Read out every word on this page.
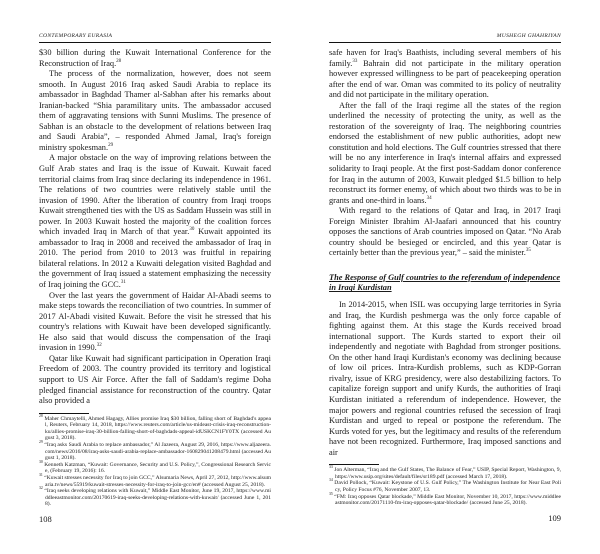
CONTEMPORARY EURASIA

$30 billion during the Kuwait International Conference for the Reconstruction of Iraq.$^{28}$

The process of the normalization, however, does not seem smooth. In August 2016 Iraq asked Saudi Arabia to replace its ambassador in Baghdad Thamer al-Sabhan after his remarks about Iranian-backed “Shia paramilitary units. The ambassador accused them of aggravating tensions with Sunni Muslims. The presence of Sabhan is an obstacle to the development of relations between Iraq and Saudi Arabia”, – responded Ahmed Jamal, Iraq's foreign ministry spokesman.$^{29}$

A major obstacle on the way of improving relations between the Gulf Arab states and Iraq is the issue of Kuwait. Kuwait faced territorial claims from Iraq since declaring its independence in 1961. The relations of two countries were relatively stable until the invasion of 1990. After the liberation of country from Iraqi troops Kuwait strengthened ties with the US as Saddam Hussein was still in power. In 2003 Kuwait hosted the majority of the coalition forces which invaded Iraq in March of that year.$^{30}$ Kuwait appointed its ambassador to Iraq in 2008 and received the ambassador of Iraq in 2010. The period from 2010 to 2013 was fruitful in repairing bilateral relations. In 2012 a Kuwaiti delegation visited Baghdad and the government of Iraq issued a statement emphasizing the necessity of Iraq joining the GCC.$^{31}$

Over the last years the government of Haidar Al-Abadi seems to make steps towards the reconciliation of two countries. In summer of 2017 Al-Abadi visited Kuwait. Before the visit he stressed that his country's relations with Kuwait have been developed significantly. He also said that would discuss the compensation of the Iraqi invasion in 1990.32

Qatar like Kuwait had significant participation in Operation Iraqi Freedom of 2003. The country provided its territory and logistical support to US Air Force. After the fall of Saddam's regime Doha pledged financial assistance for reconstruction of the country. Qatar also provided a

$^{28}$ Maher Chmaytelli, Ahmed Hagagy, Allies promise Iraq $30 billion, falling short of Baghdad's appeal, Reuters, February 14, 2018, https://www.reuters.com/article/us-mideast-crisis-iraq-reconstruction-ku/allies-promise-iraq-30-billion-falling-short-of-baghdads-appeal-idUSKCN1FY0TX (accessed August 3, 2018).

$^{29}$ “Iraq asks Saudi Arabia to replace ambassador,” Al Jazeera, August 29, 2016, https://www.aljazeera.com/news/2016/08/iraq-asks-saudi-arabia-replace-ambassador-160829041208479.html (accessed August 1, 2018).

$^{30}$ Kenneth Katzman, “Kuwait: Governance, Security and U.S. Policy,”, Congressional Research Service, (February 19, 2016): 16.

$^{31}$ “Kuwait stresses necessity for Iraq to join GCC,” Alsumaria News, April 27, 2012, http://www.alsumaria.tv/news/55919/kuwait-stresses-necessity-for-iraq-to-join-gcc/en# (accessed August 25, 2018).

$^{32}$ “Iraq seeks developing relations with Kuwait,” Middle East Monitor, June 19, 2017, https://www.middleeastmonitor.com/20170619-iraq-seeks-developing-relations-with-kuwait/ (accessed June 1, 2018).

108
MUSHEGH GHAHRIYAN

safe haven for Iraq's Baathists, including several members of his family.$^{33}$ Bahrain did not participate in the military operation however expressed willingness to be part of peacekeeping operation after the end of war. Oman was commited to its policy of neutrality and did not participate in the military operation.

After the fall of the Iraqi regime all the states of the region underlined the necessity of protecting the unity, as well as the restoration of the sovereignty of Iraq. The neighboring countries endorsed the establishment of new public authorities, adopt new constitution and hold elections. The Gulf countries stressed that there will be no any interference in Iraq's internal affairs and expressed solidarity to Iraqi people. At the first post-Saddam donor conference for Iraq in the autumn of 2003, Kuwait pledged $1.5 billion to help reconstruct its former enemy, of which about two thirds was to be in grants and one-third in loans.$^{34}$

With regard to the relations of Qatar and Iraq, in 2017 Iraqi Foreign Minister Ibrahim Al-Jaafari announced that his country opposes the sanctions of Arab countries imposed on Qatar. “No Arab country should be besieged or encircled, and this year Qatar is certainly better than the previous year,” – said the minister.$^{35}$

The Response of Gulf countries to the referendum of independence in Iraqi Kurdistan

In 2014-2015, when ISIL was occupying large territories in Syria and Iraq, the Kurdish peshmerga was the only force capable of fighting against them. At this stage the Kurds received broad international support. The Kurds started to export their oil independently and negotiate with Baghdad from stronger positions. On the other hand Iraqi Kurdistan's economy was declining because of low oil prices. Intra-Kurdish problems, such as KDP-Gorran rivalry, issue of KRG presidency, were also destabilizing factors. To capitalize foreign support and unify Kurds, the authorities of Iraqi Kurdistan initiated a referendum of independence. However, the major powers and regional countries refused the secession of Iraqi Kurdistan and urged to repeal or postpone the referendum. The Kurds voted for yes, but the legitimacy and results of the referendum have not been recognized. Furthermore, Iraq imposed sanctions and air

$^{33}$ Jon Alterman, “Iraq and the Gulf States, The Balance of Fear,” USIP, Special Report, Washington, 9, https://www.usip.org/sites/default/files/sr189.pdf (accessed March 17, 2018).

$^{34}$ David Pollock, “Kuwait: Keystone of U.S. Gulf Policy,” The Washington Institute for Near East Policy, Policy Focus #76, November 2007, 13.

$^{35}$ “FM: Iraq opposes Qatar blockade,” Middle East Monitor, November 10, 2017, https://www.middleeastmonitor.com/20171110-fm-iraq-opposes-qatar-blockade/ (accessed June 25, 2018).

109
